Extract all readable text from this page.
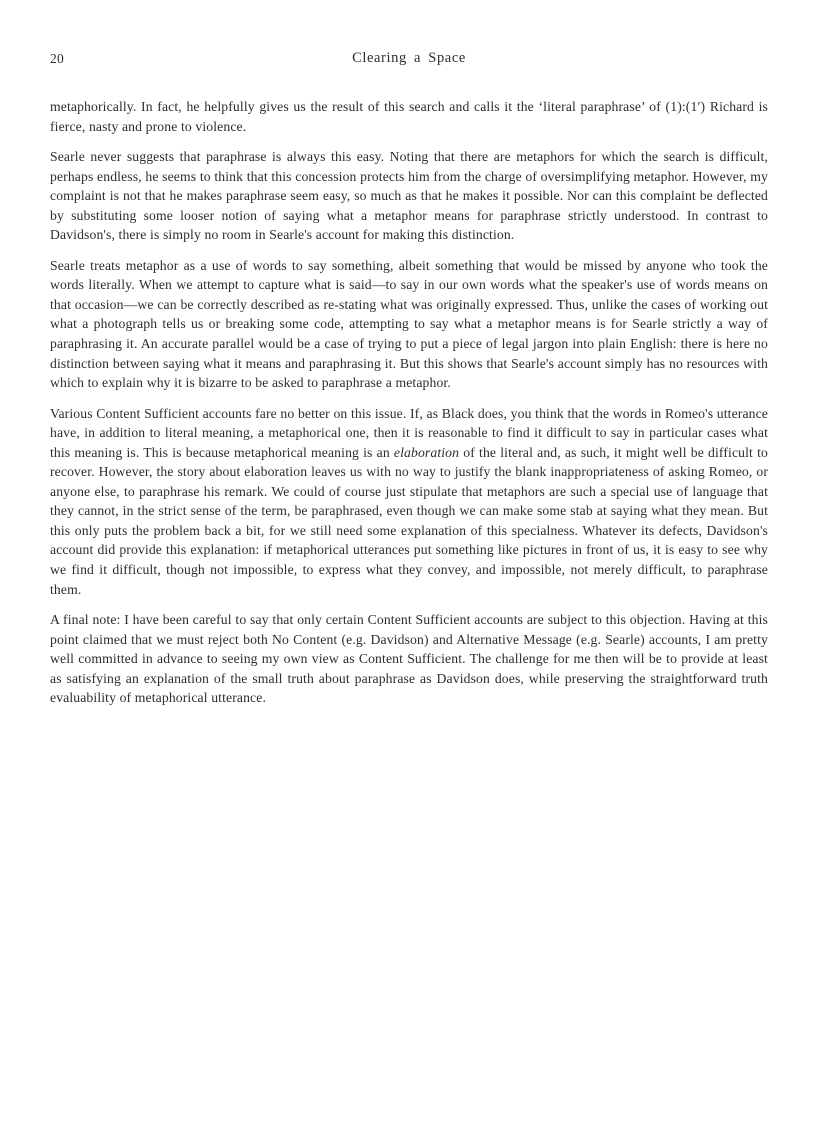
20	Clearing a Space

metaphorically. In fact, he helpfully gives us the result of this search and calls it the ‘literal paraphrase’ of (1):(1′) Richard is fierce, nasty and prone to violence.

Searle never suggests that paraphrase is always this easy. Noting that there are metaphors for which the search is difficult, perhaps endless, he seems to think that this concession protects him from the charge of oversimplifying metaphor. However, my complaint is not that he makes paraphrase seem easy, so much as that he makes it possible. Nor can this complaint be deflected by substituting some looser notion of saying what a metaphor means for paraphrase strictly understood. In contrast to Davidson's, there is simply no room in Searle's account for making this distinction.

Searle treats metaphor as a use of words to say something, albeit something that would be missed by anyone who took the words literally. When we attempt to capture what is said—to say in our own words what the speaker's use of words means on that occasion—we can be correctly described as re-stating what was originally expressed. Thus, unlike the cases of working out what a photograph tells us or breaking some code, attempting to say what a metaphor means is for Searle strictly a way of paraphrasing it. An accurate parallel would be a case of trying to put a piece of legal jargon into plain English: there is here no distinction between saying what it means and paraphrasing it. But this shows that Searle's account simply has no resources with which to explain why it is bizarre to be asked to paraphrase a metaphor.

Various Content Sufficient accounts fare no better on this issue. If, as Black does, you think that the words in Romeo's utterance have, in addition to literal meaning, a metaphorical one, then it is reasonable to find it difficult to say in particular cases what this meaning is. This is because metaphorical meaning is an elaboration of the literal and, as such, it might well be difficult to recover. However, the story about elaboration leaves us with no way to justify the blank inappropriateness of asking Romeo, or anyone else, to paraphrase his remark. We could of course just stipulate that metaphors are such a special use of language that they cannot, in the strict sense of the term, be paraphrased, even though we can make some stab at saying what they mean. But this only puts the problem back a bit, for we still need some explanation of this specialness. Whatever its defects, Davidson's account did provide this explanation: if metaphorical utterances put something like pictures in front of us, it is easy to see why we find it difficult, though not impossible, to express what they convey, and impossible, not merely difficult, to paraphrase them.

A final note: I have been careful to say that only certain Content Sufficient accounts are subject to this objection. Having at this point claimed that we must reject both No Content (e.g. Davidson) and Alternative Message (e.g. Searle) accounts, I am pretty well committed in advance to seeing my own view as Content Sufficient. The challenge for me then will be to provide at least as satisfying an explanation of the small truth about paraphrase as Davidson does, while preserving the straightforward truth evaluability of metaphorical utterance.
